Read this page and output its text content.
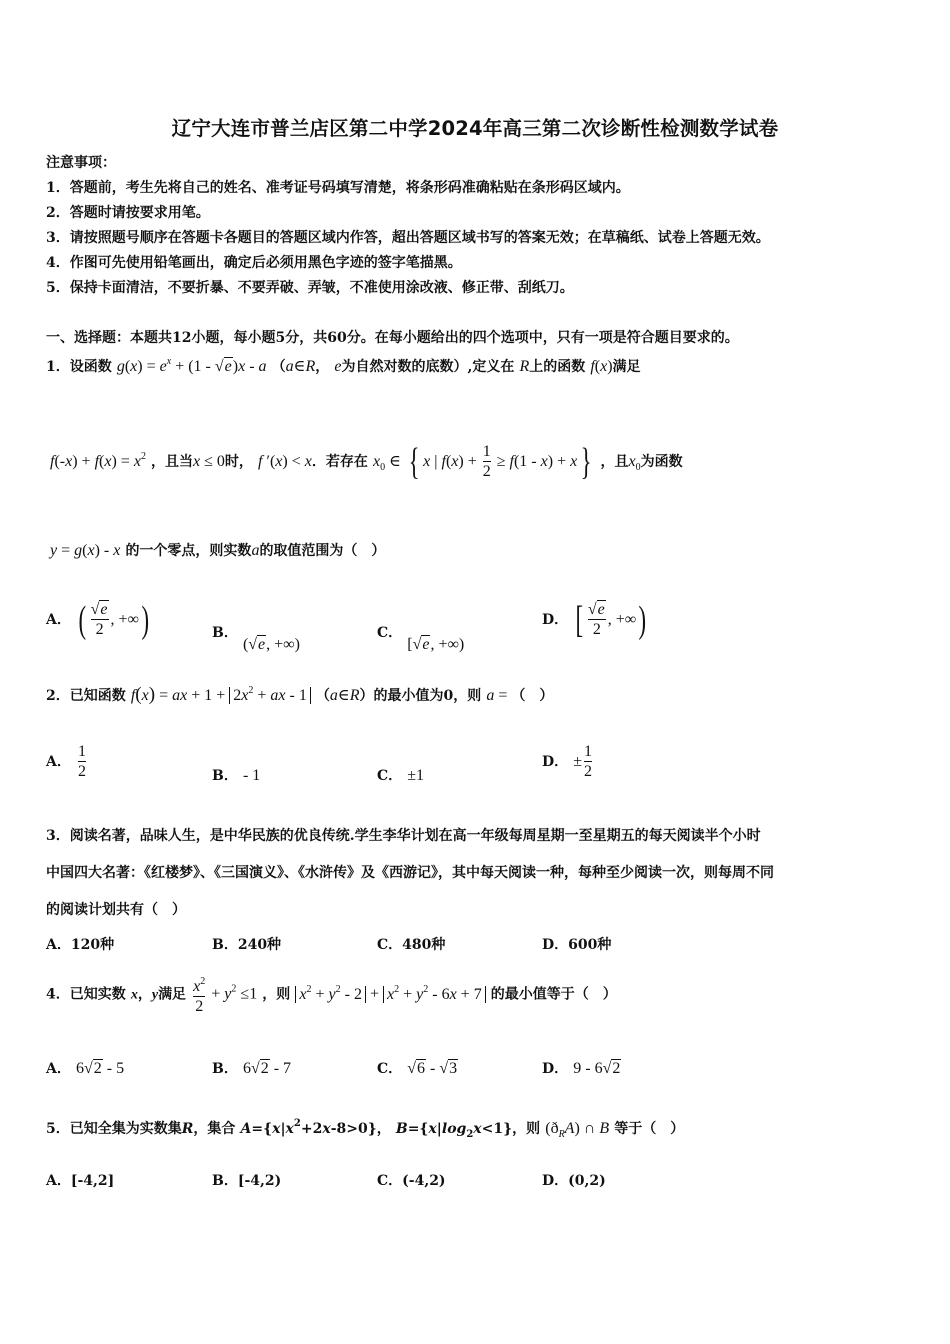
辽宁大连市普兰店区第二中学2024年高三第二次诊断性检测数学试卷
注意事项：
1．答题前，考生先将自己的姓名、准考证号码填写清楚，将条形码准确粘贴在条形码区域内。
2．答题时请按要求用笔。
3．请按照题号顺序在答题卡各题目的答题区域内作答，超出答题区域书写的答案无效；在草稿纸、试卷上答题无效。
4．作图可先使用铅笔画出，确定后必须用黑色字迹的签字笔描黑。
5．保持卡面清洁，不要折暴、不要弄破、弄皱，不准使用涂改液、修正带、刮纸刀。
一、选择题：本题共12小题，每小题5分，共60分。在每小题给出的四个选项中，只有一项是符合题目要求的。
1．设函数 $g(x) = e^x + (1 - √e)x - a$ （a∈R， e为自然对数的底数）,定义在 R上的函数 f(x)满足
$f(-x) + f(x) = x^2$ ，且当x ≤ 0时， f ′(x) < x．若存在 $x_0$ ∈ { x | $f(x) + \frac{1}{2} \ge f(1 - x) + x$} ，且$x_0$为函数
y = g(x) - x 的一个零点，则实数a的取值范围为（　）
A． ( $\frac{√e}{2}$ , +∞)	B． (√e, +∞)
C． [√e, +∞)
D． [ $\frac{√e}{2}$ , +∞)
2．已知函数 f(x) = ax + $1 + 2x^2$ + ax - 1 （a∈R）的最小值为0，则 a = （　）
A． $\frac{1}{2}$	B． - 1	C． ±1
D． ± $\frac{1}{2}$
3．阅读名著，品味人生，是中华民族的优良传统.学生李华计划在高一年级每周星期一至星期五的每天阅读半个小时
中国四大名著：《红楼梦》、《三国演义》、《水浒传》及《西游记》，其中每天阅读一种，每种至少阅读一次，则每周不同
的阅读计划共有（　）
A．120种	B．240种	C．480种	D．600种
4．已知实数 x，y满足 $\frac{x^2}{2} + y^2 \le 1$ ，则 $x^2 + y^2 - 2 + x^2 + y^2 - 6x + 7$ 的最小值等于（　）
A． 6√2 - 5	B． 6√2 - 7	C． √6 - √3	D． 9 - 6√2
5．已知全集为实数集R，集合 $A=\{x|x^2+2x-8>0\}$， $B=\{x|\log_2x<1\}$，则 $(ð_RA)$ ∩ B 等于（　）
A．[‐4,2]	B．[‐4,2)	C．(‐4,2)	D．(0,2)
